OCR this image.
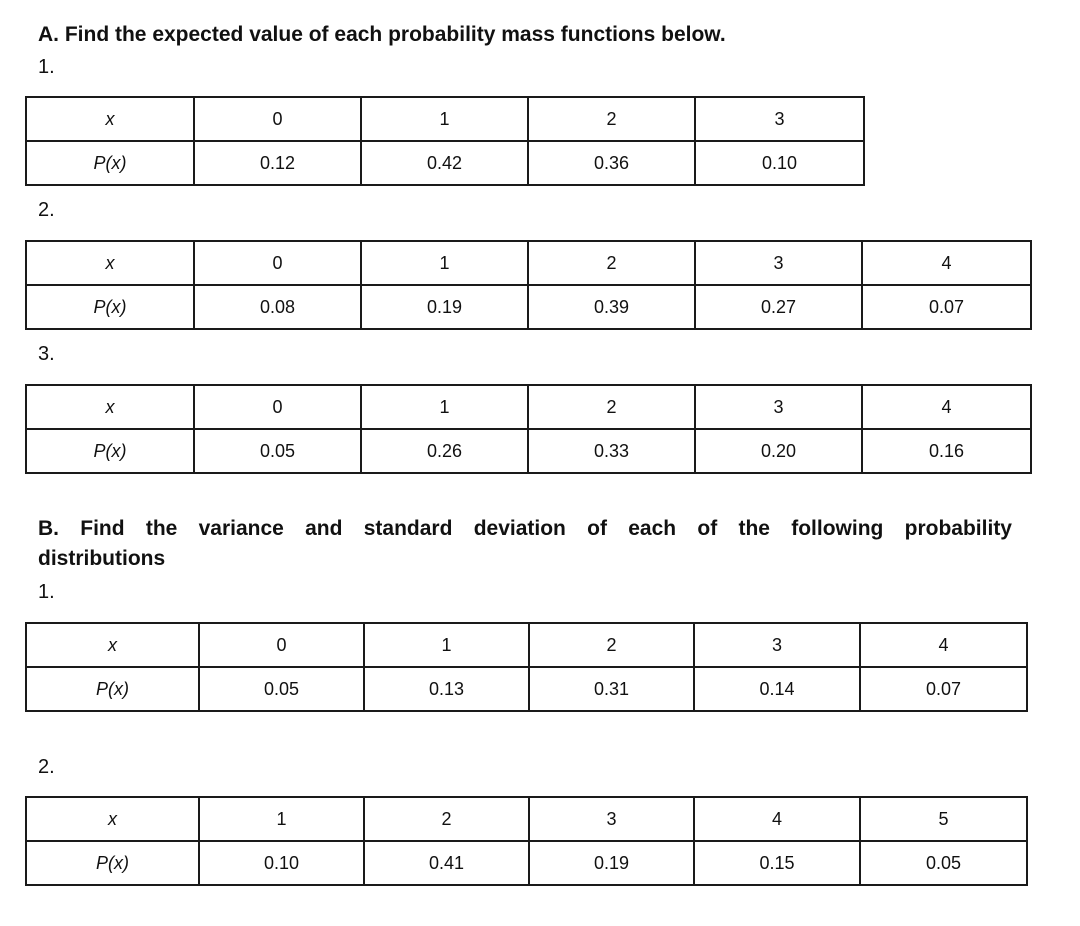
A. Find the expected value of each probability mass functions below.
1.
x	0	1	2	3
P(x)	0.12	0.42	0.36	0.10
2.
x	0	1	2	3	4
P(x)	0.08	0.19	0.39	0.27	0.07
3.
x	0	1	2	3	4
P(x)	0.05	0.26	0.33	0.20	0.16
B. Find the variance and standard deviation of each of the following probability
distributions
1.
x	0	1	2	3	4
P(x)	0.05	0.13	0.31	0.14	0.07
2.
x	1	2	3	4	5
P(x)	0.10	0.41	0.19	0.15	0.05
